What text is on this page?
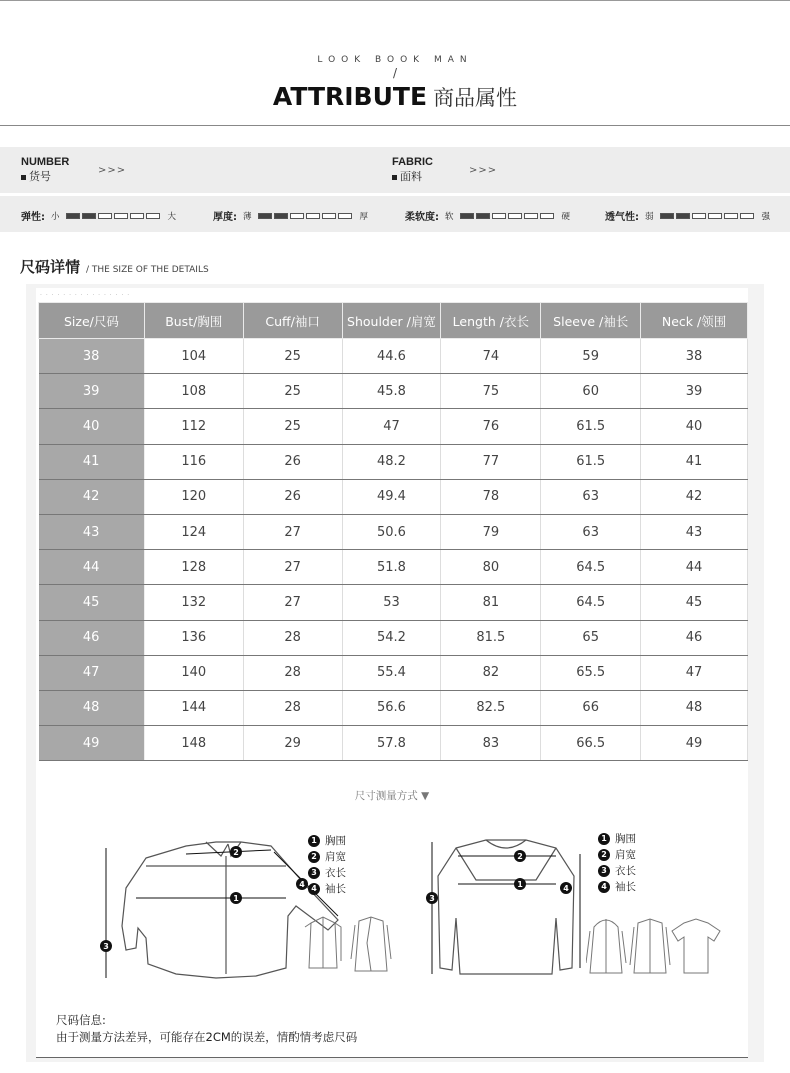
LOOK BOOK MAN
/
ATTRIBUTE 商品属性
NUMBER
货号	>>>
FABRIC
面料	>>>
弹性: 小	大	厚度: 薄	厚	柔软度: 软	硬	透气性: 弱	强
尺码详情 / THE SIZE OF THE DETAILS
· · · · · · · · · · · · · · · ·
Size/尺码	Bust/胸围	Cuff/袖口	Shoulder /肩宽	Length /衣长	Sleeve /袖长	Neck /领围
38	104	25	44.6	74	59	38
39	108	25	45.8	75	60	39
40	112	25	47	76	61.5	40
41	116	26	48.2	77	61.5	41
42	120	26	49.4	78	63	42
43	124	27	50.6	79	63	43
44	128	27	51.8	80	64.5	44
45	132	27	53	81	64.5	45
46	136	28	54.2	81.5	65	46
47	140	28	55.4	82	65.5	47
48	144	28	56.6	82.5	66	48
49	148	29	57.8	83	66.5	49
尺寸测量方式 ▼
1
2
3
4
1 胸围
2 肩宽
3 衣长
4 袖长	1
2
3
4
1 胸围
2 肩宽
3 衣长
4 袖长
尺码信息:
由于测量方法差异，可能存在2CM的误差，情酌情考虑尺码
